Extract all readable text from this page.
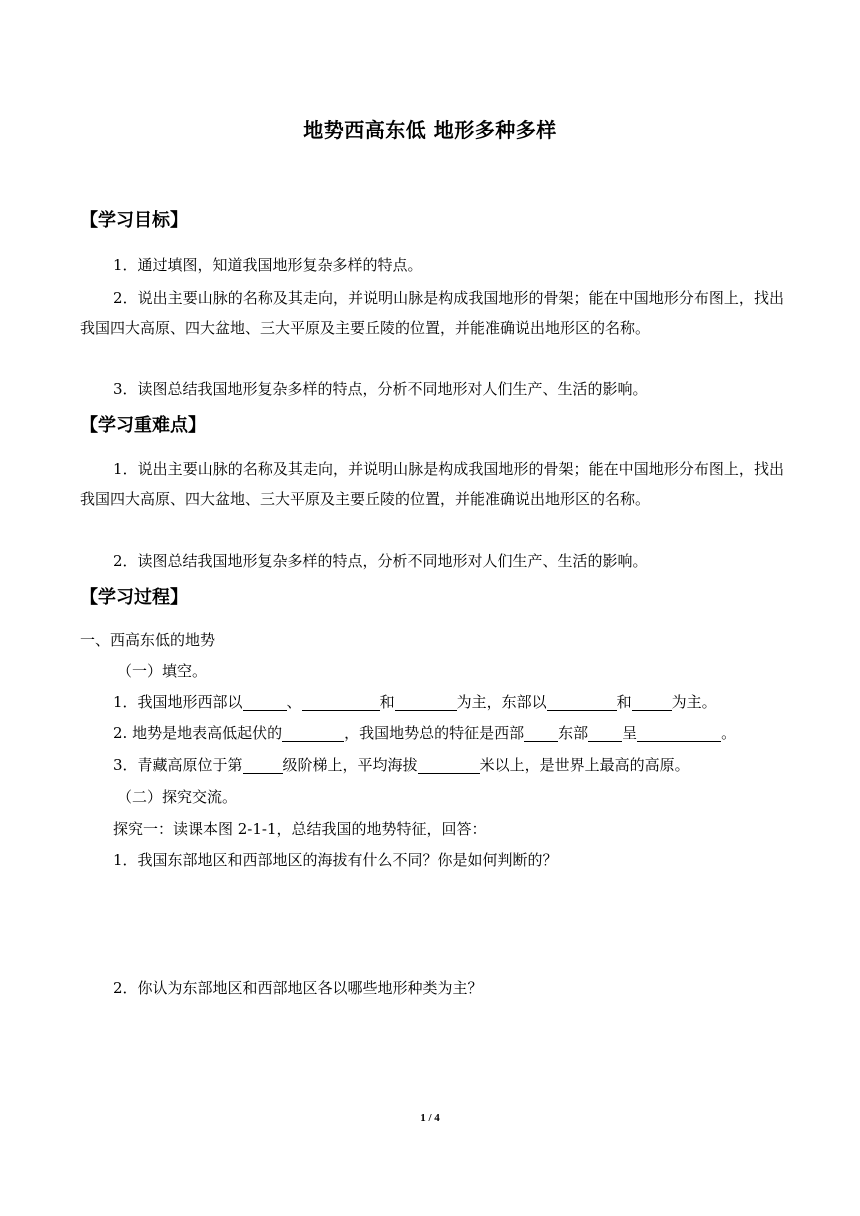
地势西高东低 地形多种多样
【学习目标】
1．通过填图，知道我国地形复杂多样的特点。
2．说出主要山脉的名称及其走向，并说明山脉是构成我国地形的骨架；能在中国地形分布图上，找出我国四大高原、四大盆地、三大平原及主要丘陵的位置，并能准确说出地形区的名称。
3．读图总结我国地形复杂多样的特点，分析不同地形对人们生产、生活的影响。
【学习重难点】
1．说出主要山脉的名称及其走向，并说明山脉是构成我国地形的骨架；能在中国地形分布图上，找出我国四大高原、四大盆地、三大平原及主要丘陵的位置，并能准确说出地形区的名称。
2．读图总结我国地形复杂多样的特点，分析不同地形对人们生产、生活的影响。
【学习过程】
一、西高东低的地势
（一）填空。
1．我国地形西部以	、	和	为主，东部以	和	为主。
2. 地势是地表高低起伏的	，我国地势总的特征是西部 东部 呈	。
3．青藏高原位于第	级阶梯上，平均海拔	米以上，是世界上最高的高原。
（二）探究交流。
探究一：读课本图 2-1-1，总结我国的地势特征，回答：
1．我国东部地区和西部地区的海拔有什么不同？你是如何判断的？
2．你认为东部地区和西部地区各以哪些地形种类为主？
1 / 4
